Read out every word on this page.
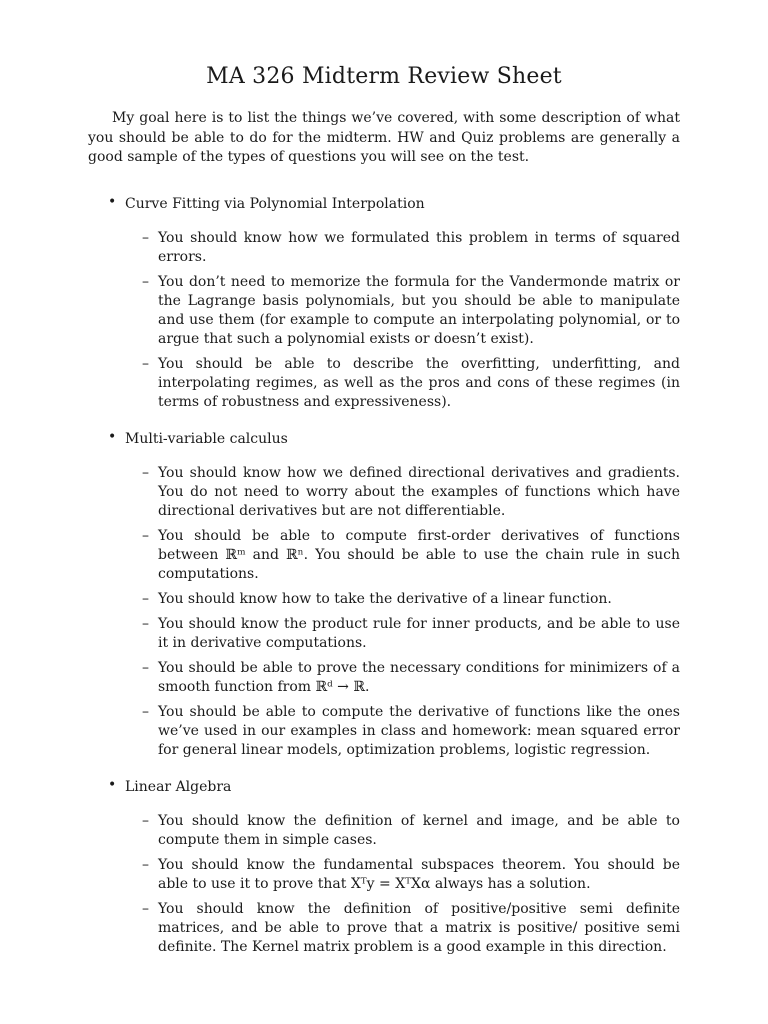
MA 326 Midterm Review Sheet

My goal here is to list the things we’ve covered, with some description of what you should be able to do for the midterm. HW and Quiz problems are generally a good sample of the types of questions you will see on the test.

• Curve Fitting via Polynomial Interpolation
– You should know how we formulated this problem in terms of squared errors.
– You don’t need to memorize the formula for the Vandermonde matrix or the Lagrange basis polynomials, but you should be able to manipulate and use them (for example to compute an interpolating polynomial, or to argue that such a polynomial exists or doesn’t exist).
– You should be able to describe the overfitting, underfitting, and interpolating regimes, as well as the pros and cons of these regimes (in terms of robustness and expressiveness).
• Multi-variable calculus
– You should know how we defined directional derivatives and gradients. You do not need to worry about the examples of functions which have directional derivatives but are not differentiable.
– You should be able to compute first-order derivatives of functions between ℝᵐ and ℝⁿ. You should be able to use the chain rule in such computations.
– You should know how to take the derivative of a linear function.
– You should know the product rule for inner products, and be able to use it in derivative computations.
– You should be able to prove the necessary conditions for minimizers of a smooth function from ℝᵈ → ℝ.
– You should be able to compute the derivative of functions like the ones we’ve used in our examples in class and homework: mean squared error for general linear models, optimization problems, logistic regression.
• Linear Algebra
– You should know the definition of kernel and image, and be able to compute them in simple cases.
– You should know the fundamental subspaces theorem. You should be able to use it to prove that Xᵀy = XᵀXα always has a solution.
– You should know the definition of positive/positive semi definite matrices, and be able to prove that a matrix is positive/ positive semi definite. The Kernel matrix problem is a good example in this direction.
